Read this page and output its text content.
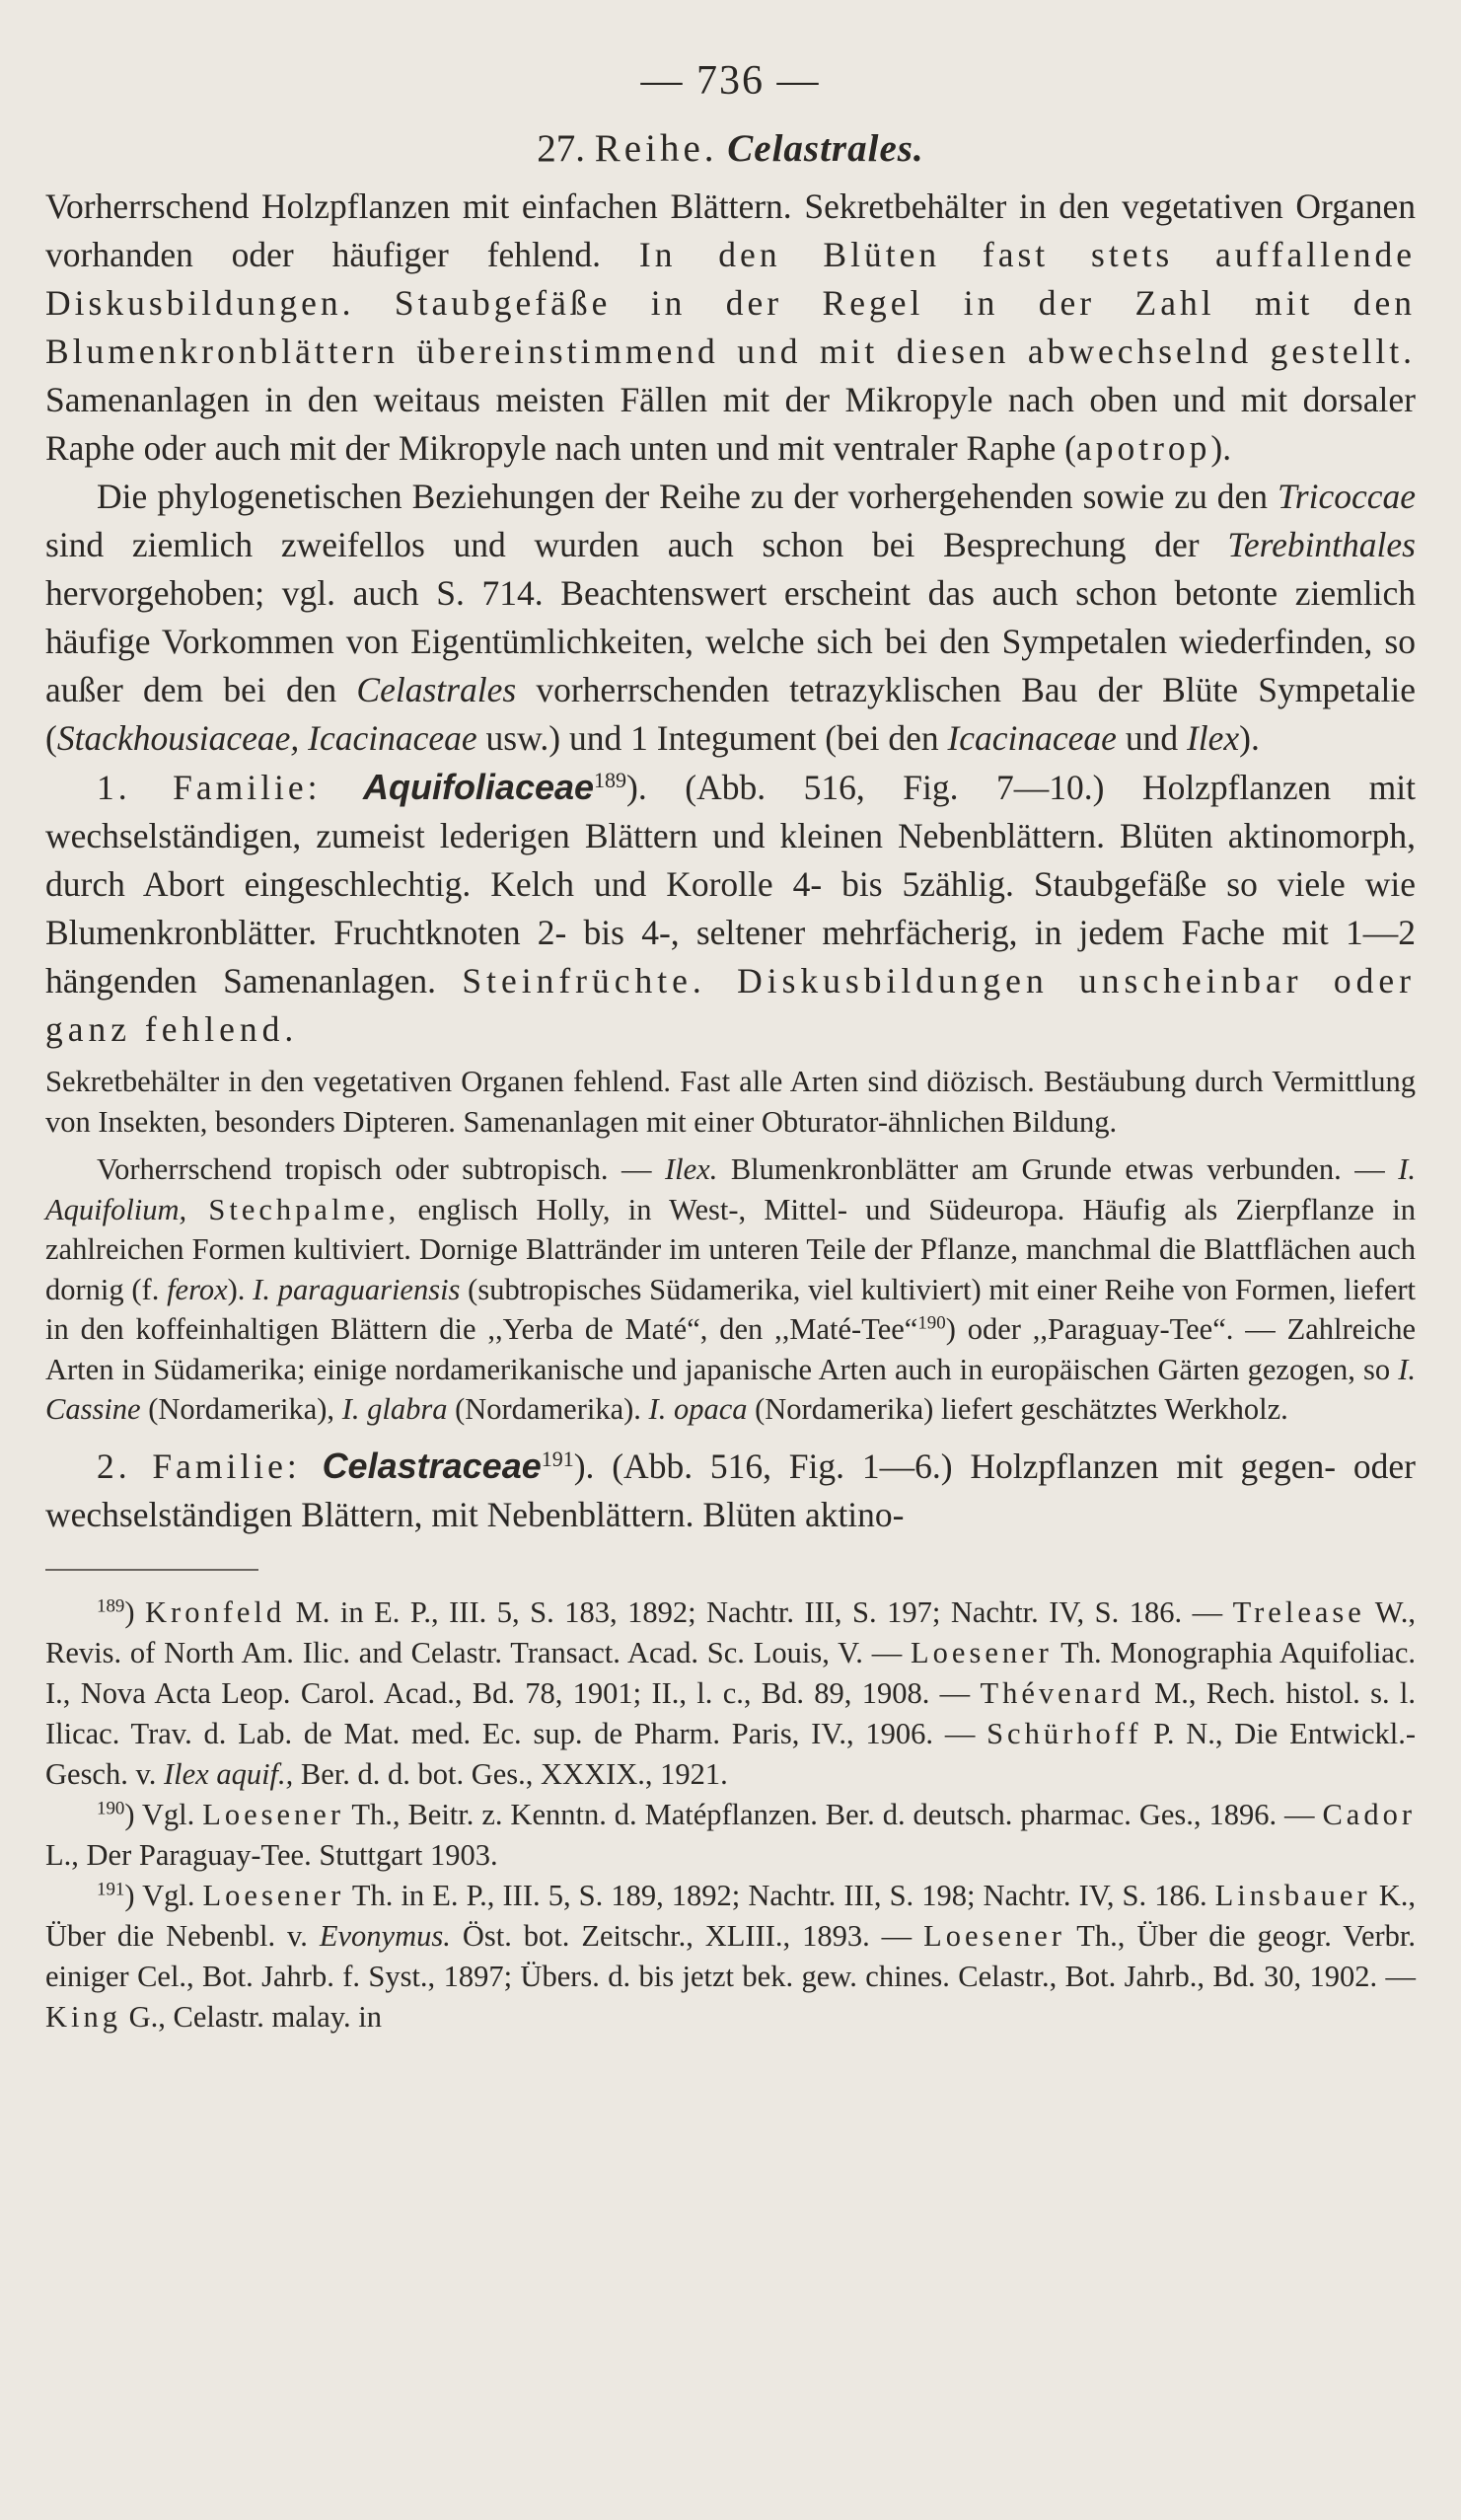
— 736 —
27. Reihe. Celastrales.

Vorherrschend Holzpflanzen mit einfachen Blättern. Sekretbehälter in den vegetativen Organen vorhanden oder häufiger fehlend. In den Blüten fast stets auffallende Diskusbildungen. Staubgefäße in der Regel in der Zahl mit den Blumenkronblättern übereinstimmend und mit diesen abwechselnd gestellt. Samenanlagen in den weitaus meisten Fällen mit der Mikropyle nach oben und mit dorsaler Raphe oder auch mit der Mikropyle nach unten und mit ventraler Raphe (apotrop).

Die phylogenetischen Beziehungen der Reihe zu der vorhergehenden sowie zu den Tricoccae sind ziemlich zweifellos und wurden auch schon bei Besprechung der Terebinthales hervorgehoben; vgl. auch S. 714. Beachtenswert erscheint das auch schon betonte ziemlich häufige Vorkommen von Eigentümlichkeiten, welche sich bei den Sympetalen wiederfinden, so außer dem bei den Celastrales vorherrschenden tetrazyklischen Bau der Blüte Sympetalie (Stackhousiaceae, Icacinaceae usw.) und 1 Integument (bei den Icacinaceae und Ilex).

1. Familie: Aquifoliaceae$^{189}$). (Abb. 516, Fig. 7—10.) Holzpflanzen mit wechselständigen, zumeist lederigen Blättern und kleinen Nebenblättern. Blüten aktinomorph, durch Abort eingeschlechtig. Kelch und Korolle 4- bis 5zählig. Staubgefäße so viele wie Blumenkronblätter. Fruchtknoten 2- bis 4-, seltener mehrfächerig, in jedem Fache mit 1—2 hängenden Samenanlagen. Steinfrüchte. Diskusbildungen unscheinbar oder ganz fehlend.

Sekretbehälter in den vegetativen Organen fehlend. Fast alle Arten sind diözisch. Bestäubung durch Vermittlung von Insekten, besonders Dipteren. Samenanlagen mit einer Obturator-ähnlichen Bildung.

Vorherrschend tropisch oder subtropisch. — Ilex. Blumenkronblätter am Grunde etwas verbunden. — I. Aquifolium, Stechpalme, englisch Holly, in West-, Mittel- und Südeuropa. Häufig als Zierpflanze in zahlreichen Formen kultiviert. Dornige Blattränder im unteren Teile der Pflanze, manchmal die Blattflächen auch dornig (f. ferox). I. paraguariensis (subtropisches Südamerika, viel kultiviert) mit einer Reihe von Formen, liefert in den koffeinhaltigen Blättern die ,,Yerba de Maté“, den ,,Maté-Tee“$^{190}$) oder ,,Paraguay-Tee“. — Zahlreiche Arten in Südamerika; einige nordamerikanische und japanische Arten auch in europäischen Gärten gezogen, so I. Cassine (Nordamerika), I. glabra (Nordamerika). I. opaca (Nordamerika) liefert geschätztes Werkholz.

2. Familie: Celastraceae$^{191}$). (Abb. 516, Fig. 1—6.) Holzpflanzen mit gegen- oder wechselständigen Blättern, mit Nebenblättern. Blüten aktino-

$^{189}$) Kronfeld M. in E. P., III. 5, S. 183, 1892; Nachtr. III, S. 197; Nachtr. IV, S. 186. — Trelease W., Revis. of North Am. Ilic. and Celastr. Transact. Acad. Sc. Louis, V. — Loesener Th. Monographia Aquifoliac. I., Nova Acta Leop. Carol. Acad., Bd. 78, 1901; II., l. c., Bd. 89, 1908. — Thévenard M., Rech. histol. s. l. Ilicac. Trav. d. Lab. de Mat. med. Ec. sup. de Pharm. Paris, IV., 1906. — Schürhoff P. N., Die Entwickl.-Gesch. v. Ilex aquif., Ber. d. d. bot. Ges., XXXIX., 1921.

$^{190}$) Vgl. Loesener Th., Beitr. z. Kenntn. d. Matépflanzen. Ber. d. deutsch. pharmac. Ges., 1896. — Cador L., Der Paraguay-Tee. Stuttgart 1903.

$^{191}$) Vgl. Loesener Th. in E. P., III. 5, S. 189, 1892; Nachtr. III, S. 198; Nachtr. IV, S. 186. Linsbauer K., Über die Nebenbl. v. Evonymus. Öst. bot. Zeitschr., XLIII., 1893. — Loesener Th., Über die geogr. Verbr. einiger Cel., Bot. Jahrb. f. Syst., 1897; Übers. d. bis jetzt bek. gew. chines. Celastr., Bot. Jahrb., Bd. 30, 1902. — King G., Celastr. malay. in
